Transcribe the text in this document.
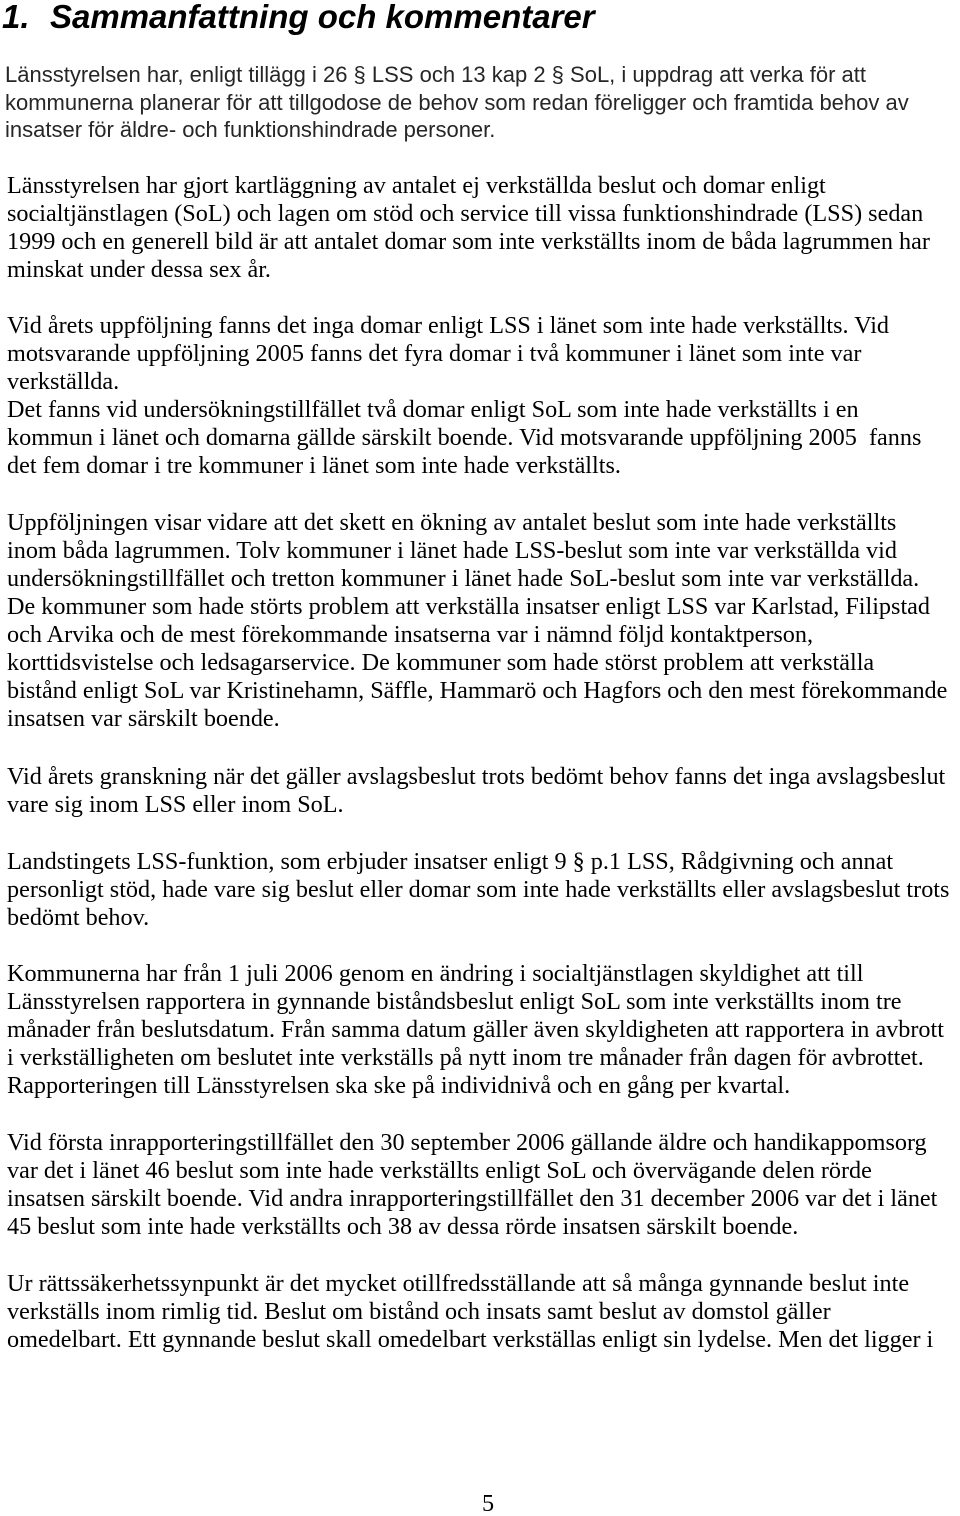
1.

Sammanfattning och kommentarer

Länsstyrelsen har, enligt tillägg i 26 § LSS och 13 kap 2 § SoL, i uppdrag att verka för att
kommunerna planerar för att tillgodose de behov som redan föreligger och framtida behov av
insatser för äldre- och funktionshindrade personer.
Länsstyrelsen har gjort kartläggning av antalet ej verkställda beslut och domar enligt
socialtjänstlagen (SoL) och lagen om stöd och service till vissa funktionshindrade (LSS) sedan
1999 och en generell bild är att antalet domar som inte verkställts inom de båda lagrummen har
minskat under dessa sex år.
Vid årets uppföljning fanns det inga domar enligt LSS i länet som inte hade verkställts. Vid
motsvarande uppföljning 2005 fanns det fyra domar i två kommuner i länet som inte var
verkställda.
Det fanns vid undersökningstillfället två domar enligt SoL som inte hade verkställts i en
kommun i länet och domarna gällde särskilt boende. Vid motsvarande uppföljning 2005  fanns
det fem domar i tre kommuner i länet som inte hade verkställts.
Uppföljningen visar vidare att det skett en ökning av antalet beslut som inte hade verkställts
inom båda lagrummen. Tolv kommuner i länet hade LSS-beslut som inte var verkställda vid
undersökningstillfället och tretton kommuner i länet hade SoL-beslut som inte var verkställda.
De kommuner som hade störts problem att verkställa insatser enligt LSS var Karlstad, Filipstad
och Arvika och de mest förekommande insatserna var i nämnd följd kontaktperson,
korttidsvistelse och ledsagarservice. De kommuner som hade störst problem att verkställa
bistånd enligt SoL var Kristinehamn, Säffle, Hammarö och Hagfors och den mest förekommande
insatsen var särskilt boende.
Vid årets granskning när det gäller avslagsbeslut trots bedömt behov fanns det inga avslagsbeslut
vare sig inom LSS eller inom SoL.
Landstingets LSS-funktion, som erbjuder insatser enligt 9 § p.1 LSS, Rådgivning och annat
personligt stöd, hade vare sig beslut eller domar som inte hade verkställts eller avslagsbeslut trots
bedömt behov.
Kommunerna har från 1 juli 2006 genom en ändring i socialtjänstlagen skyldighet att till
Länsstyrelsen rapportera in gynnande biståndsbeslut enligt SoL som inte verkställts inom tre
månader från beslutsdatum. Från samma datum gäller även skyldigheten att rapportera in avbrott
i verkställigheten om beslutet inte verkställs på nytt inom tre månader från dagen för avbrottet.
Rapporteringen till Länsstyrelsen ska ske på individnivå och en gång per kvartal.
Vid första inrapporteringstillfället den 30 september 2006 gällande äldre och handikappomsorg
var det i länet 46 beslut som inte hade verkställts enligt SoL och övervägande delen rörde
insatsen särskilt boende. Vid andra inrapporteringstillfället den 31 december 2006 var det i länet
45 beslut som inte hade verkställts och 38 av dessa rörde insatsen särskilt boende.
Ur rättssäkerhetssynpunkt är det mycket otillfredsställande att så många gynnande beslut inte
verkställs inom rimlig tid. Beslut om bistånd och insats samt beslut av domstol gäller
omedelbart. Ett gynnande beslut skall omedelbart verkställas enligt sin lydelse. Men det ligger i
5
